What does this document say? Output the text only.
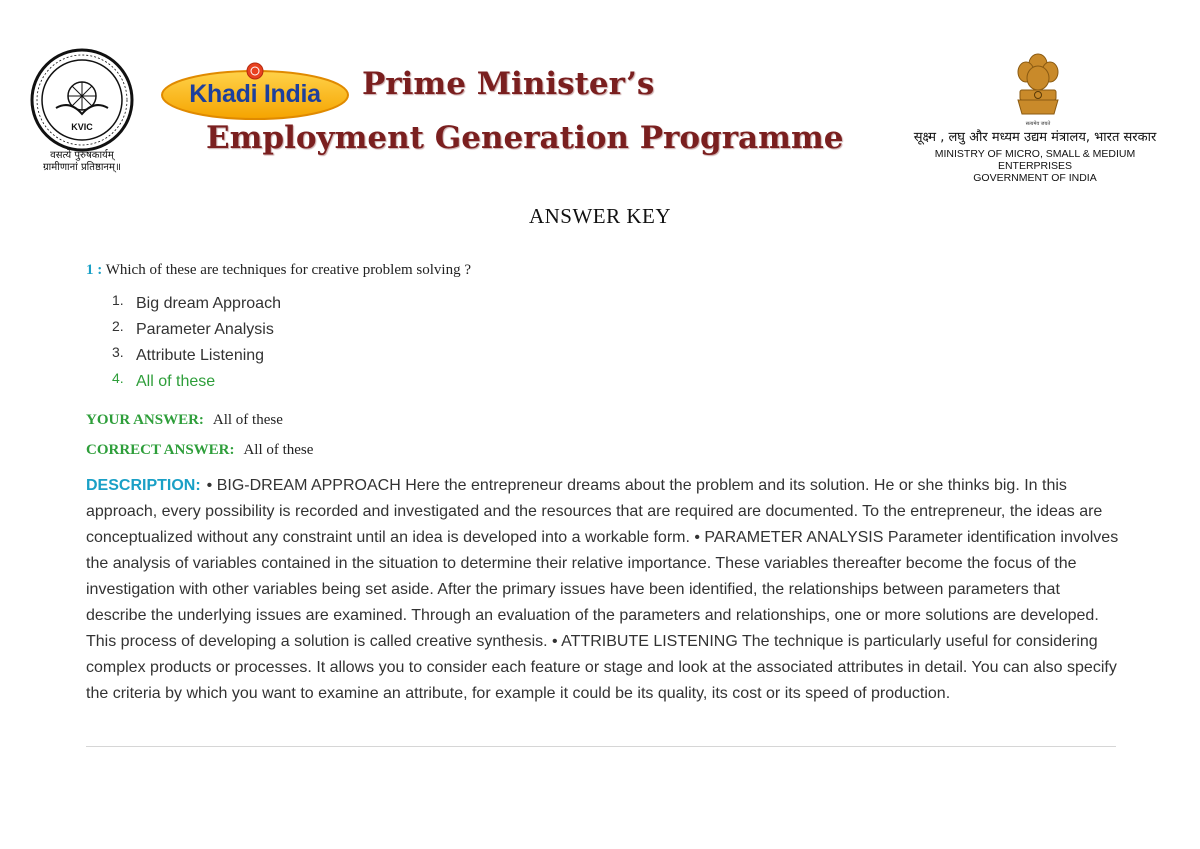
KVIC
वसत्ये पुरुषकार्यम्
ग्रामीणानां प्रतिष्ठानम्॥
Khadi India	Prime Minister’s
Employment Generation Programme	सत्यमेव जयते
सूक्ष्म , लघु और मध्यम उद्यम मंत्रालय, भारत सरकार
MINISTRY OF MICRO, SMALL & MEDIUM ENTERPRISES
GOVERNMENT OF INDIA
ANSWER KEY
1 : Which of these are techniques for creative problem solving ?
1. Big dream Approach
2. Parameter Analysis
3. Attribute Listening
4. All of these
YOUR ANSWER: All of these
CORRECT ANSWER: All of these

DESCRIPTION: • BIG-DREAM APPROACH Here the entrepreneur dreams about the problem and its solution. He or she thinks big. In this approach, every possibility is recorded and investigated and the resources that are required are documented. To the entrepreneur, the ideas are conceptualized without any constraint until an idea is developed into a workable form. • PARAMETER ANALYSIS Parameter identification involves the analysis of variables contained in the situation to determine their relative importance. These variables thereafter become the focus of the investigation with other variables being set aside. After the primary issues have been identified, the relationships between parameters that describe the underlying issues are examined. Through an evaluation of the parameters and relationships, one or more solutions are developed. This process of developing a solution is called creative synthesis. • ATTRIBUTE LISTENING The technique is particularly useful for considering complex products or processes. It allows you to consider each feature or stage and look at the associated attributes in detail. You can also specify the criteria by which you want to examine an attribute, for example it could be its quality, its cost or its speed of production.
